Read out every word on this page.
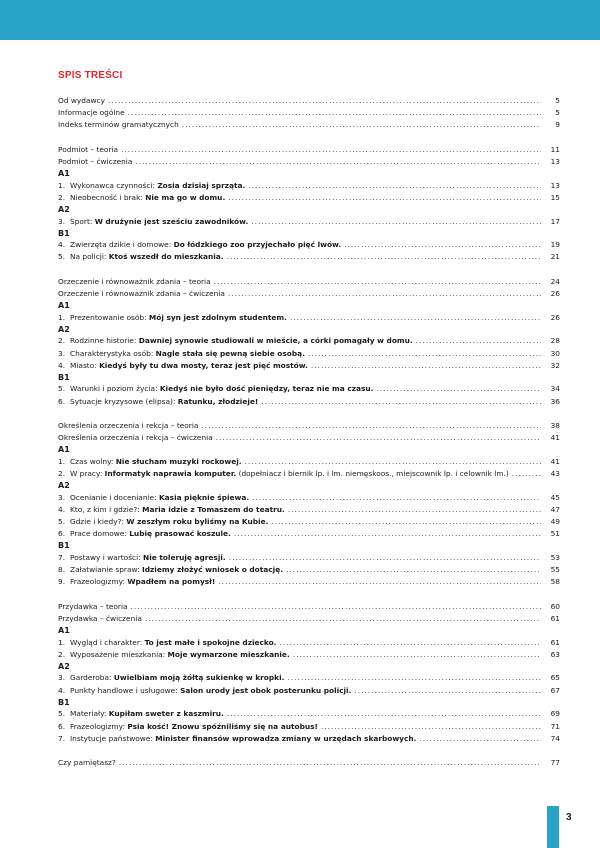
SPIS TREŚCI
Od wydawcy .....	5
Informacje ogólne .....	5
Indeks terminów gramatycznych .....	9
Podmiot – teoria .....	11
Podmiot – ćwiczenia .....	13
A1
1. Wykonawca czynności: Zosia dzisiaj sprząta. .....	13
2. Nieobecność i brak: Nie ma go w domu. .....	15
A2
3. Sport: W drużynie jest sześciu zawodników. .....	17
B1
4. Zwierzęta dzikie i domowe: Do łódzkiego zoo przyjechało pięć lwów. .....	19
5. Na policji: Ktoś wszedł do mieszkania. .....	21
Orzeczenie i równoważnik zdania – teoria .....	24
Orzeczenie i równoważnik zdania – ćwiczenia .....	26
A1
1. Prezentowanie osób: Mój syn jest zdolnym studentem. .....	26
A2
2. Rodzinne historie: Dawniej synowie studiowali w mieście, a córki pomagały w domu. .....	28
3. Charakterystyka osób: Nagle stała się pewną siebie osobą. .....	30
4. Miasto: Kiedyś były tu dwa mosty, teraz jest pięć mostów. .....	32
B1
5. Warunki i poziom życia: Kiedyś nie było dość pieniędzy, teraz nie ma czasu. .....	34
6. Sytuacje kryzysowe (elipsa): Ratunku, złodzieje! .....	36
Określenia orzeczenia i rekcja – teoria .....	38
Określenia orzeczenia i rekcja – ćwiczenia .....	41
A1
1. Czas wolny: Nie słucham muzyki rockowej. .....	41
2. W pracy: Informatyk naprawia komputer. (dopełniacz i biernik lp. i lm. niemęskoos., miejscownik lp. i celownik lm.) .....	43
A2
3. Ocenianie i docenianie: Kasia pięknie śpiewa. .....	45
4. Kto, z kim i gdzie?: Maria idzie z Tomaszem do teatru. .....	47
5. Gdzie i kiedy?: W zeszłym roku byliśmy na Kubie. .....	49
6. Prace domowe: Lubię prasować koszule. .....	51
B1
7. Postawy i wartości: Nie toleruję agresji. .....	53
8. Załatwianie spraw: Idziemy złożyć wniosek o dotację. .....	55
9. Frazeologizmy: Wpadłem na pomysł! .....	58
Przydawka – teoria .....	60
Przydawka – ćwiczenia .....	61
A1
1. Wygląd i charakter: To jest małe i spokojne dziecko. .....	61
2. Wyposażenie mieszkania: Moje wymarzone mieszkanie. .....	63
A2
3. Garderoba: Uwielbiam moją żółtą sukienkę w kropki. .....	65
4. Punkty handlowe i usługowe: Salon urody jest obok posterunku policji. .....	67
B1
5. Materiały: Kupiłam sweter z kaszmiru. .....	69
6. Frazeologizmy: Psia kość! Znowu spóźniliśmy się na autobus! .....	71
7. Instytucje państwowe: Minister finansów wprowadza zmiany w urzędach skarbowych. .....	74
Czy pamiętasz? .....	77
3
